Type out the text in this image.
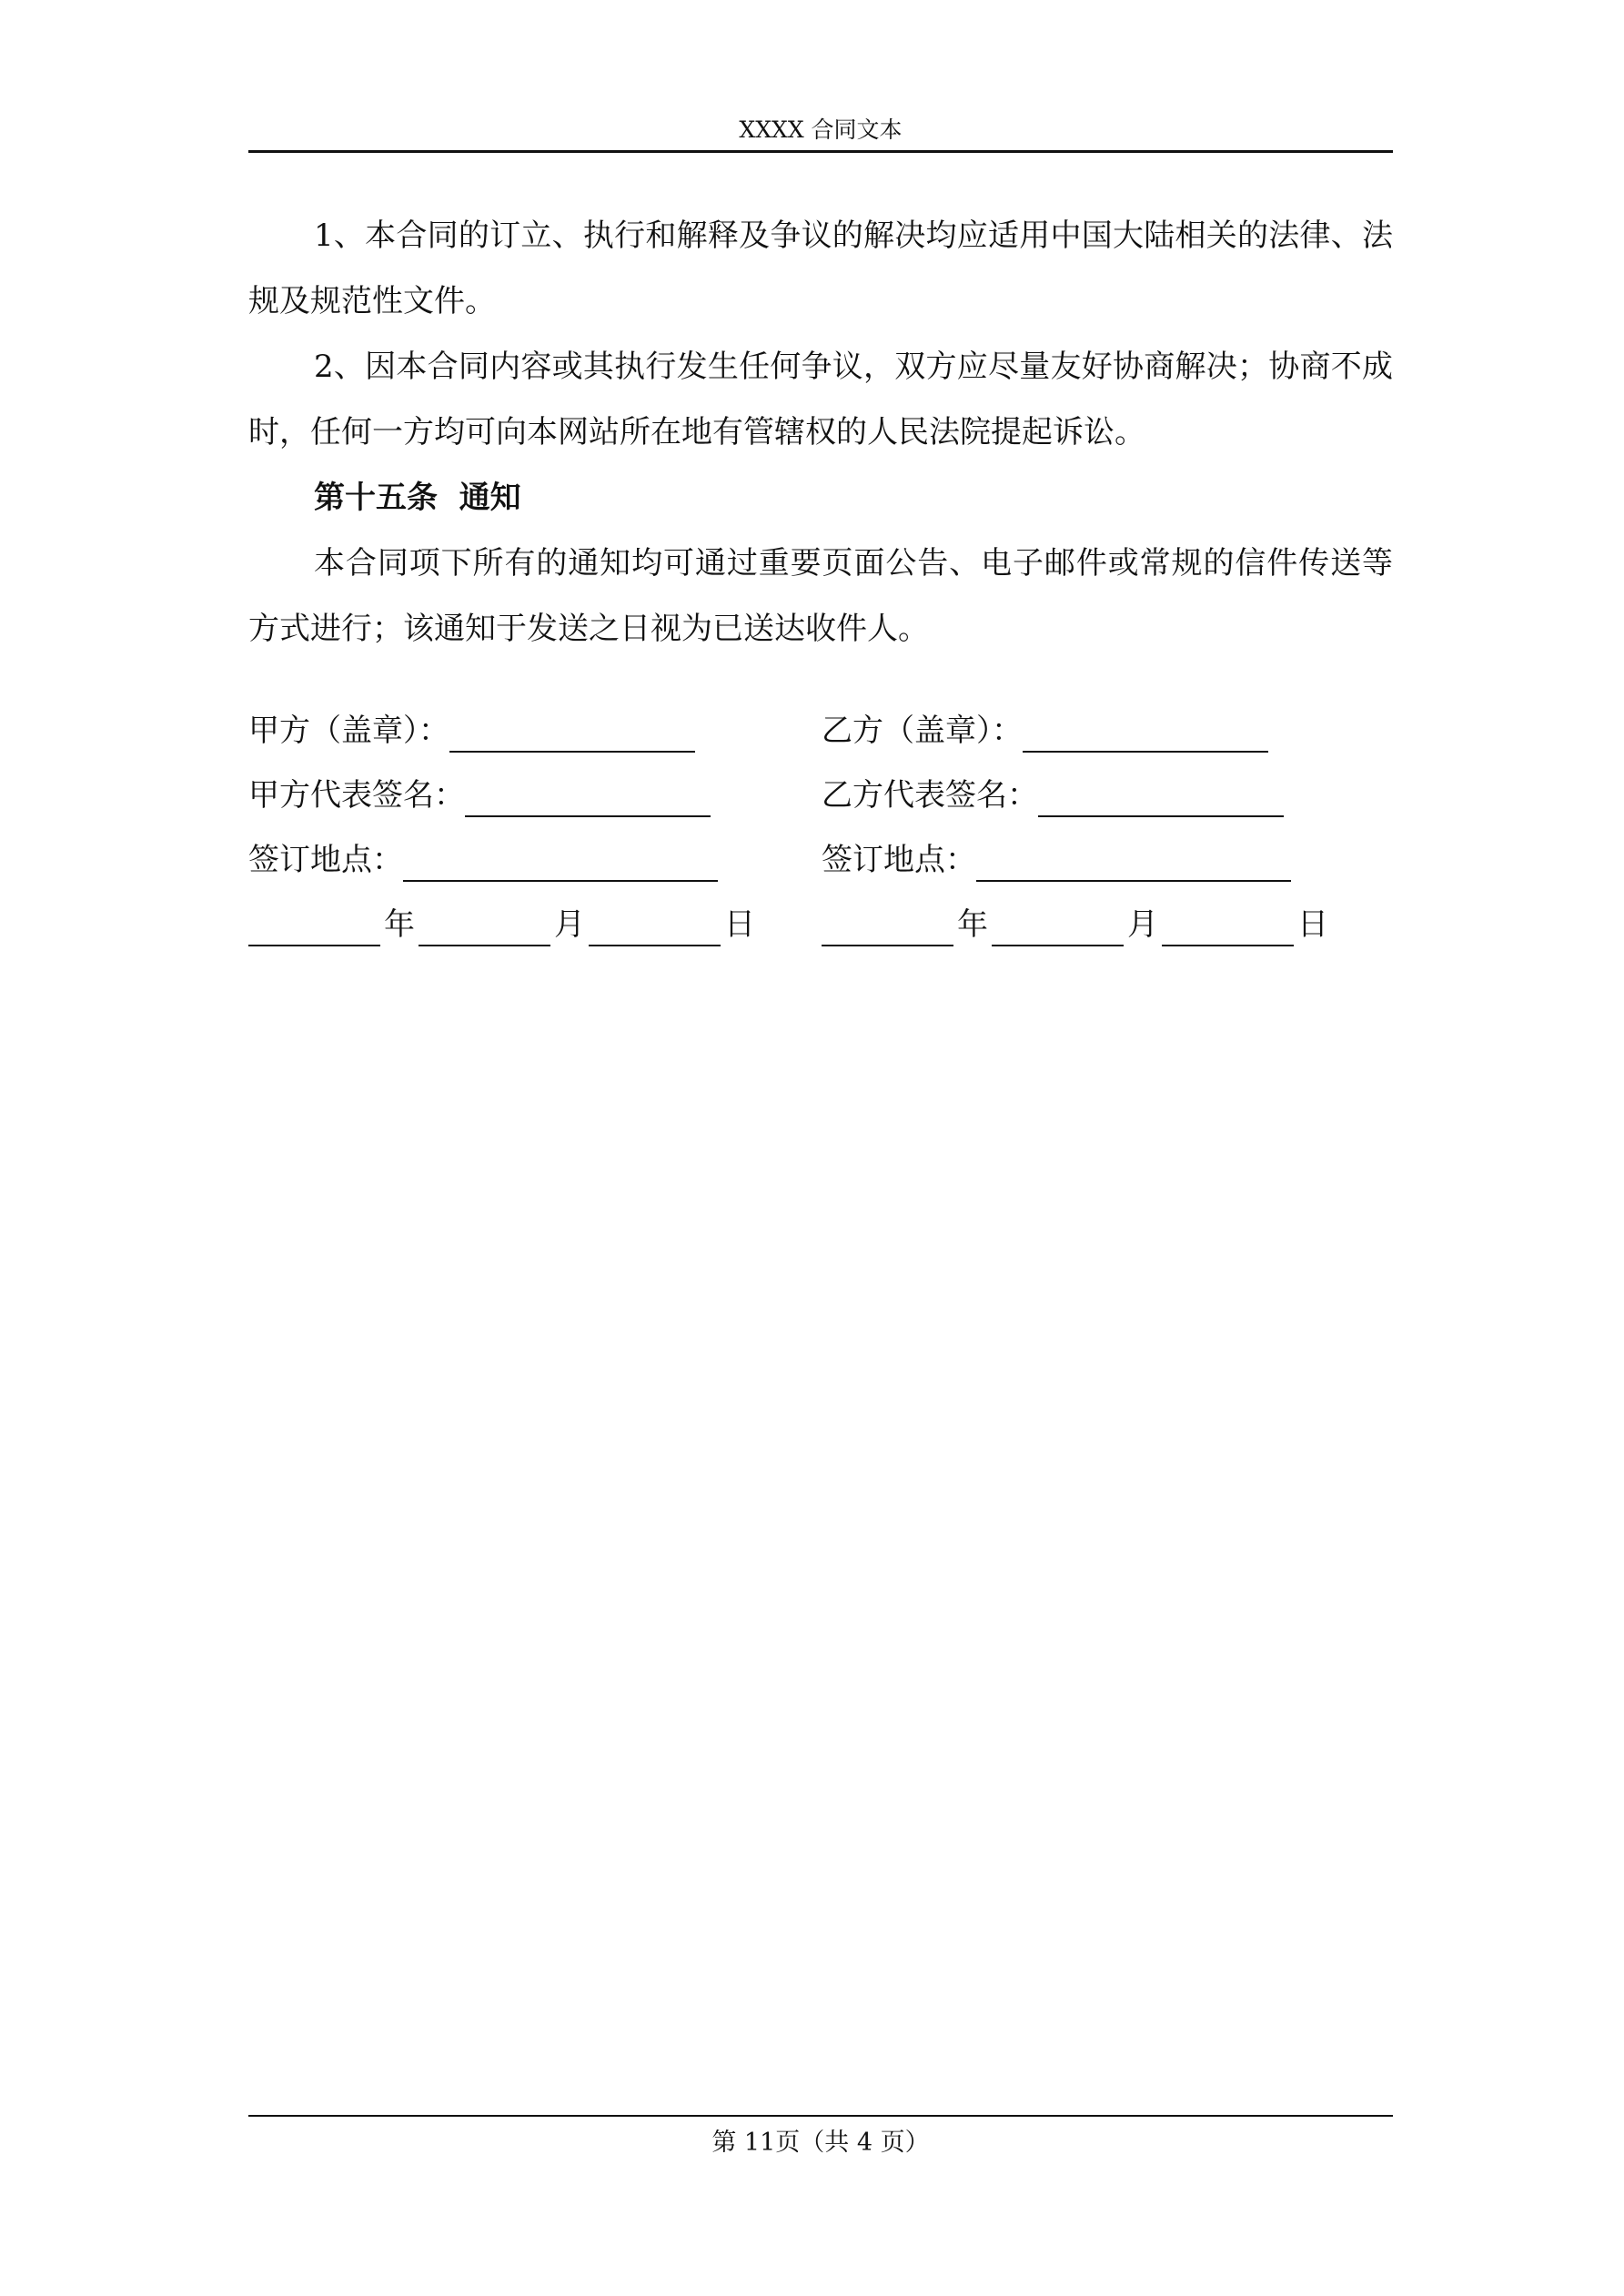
XXXX 合同文本

1、本合同的订立、执行和解释及争议的解决均应适用中国大陆相关的法律、法规及规范性文件。

2、因本合同内容或其执行发生任何争议，双方应尽量友好协商解决；协商不成时，任何一方均可向本网站所在地有管辖权的人民法院提起诉讼。

第十五条  通知

本合同项下所有的通知均可通过重要页面公告、电子邮件或常规的信件传送等方式进行；该通知于发送之日视为已送达收件人。

甲方（盖章）：	乙方（盖章）：
甲方代表签名：	乙方代表签名：
签订地点：	签订地点：
年	月	日	年	月	日
第 11页（共 4 页）
